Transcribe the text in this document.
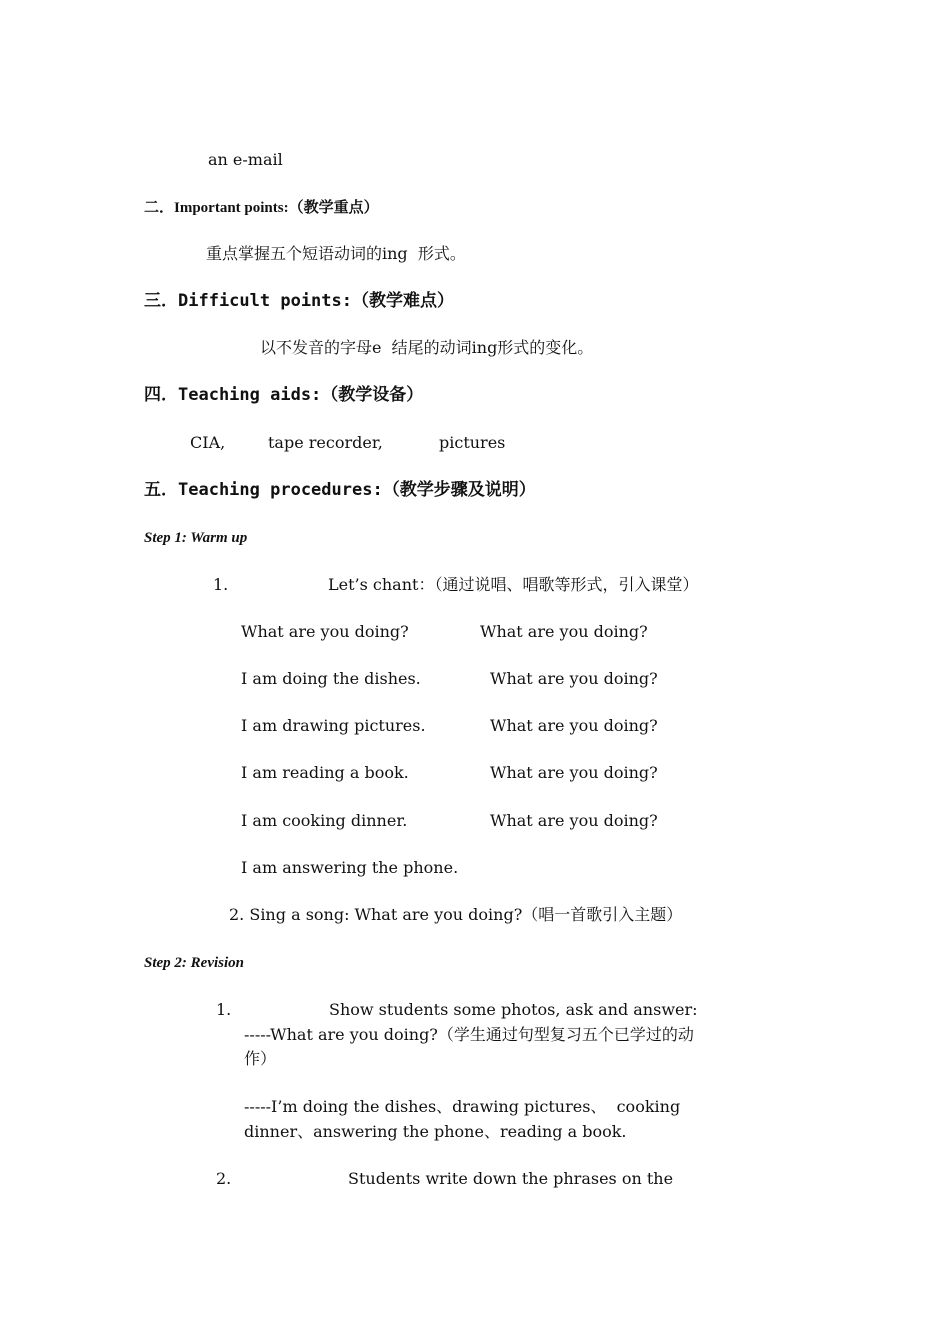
an e-mail
二．Important points:（教学重点）
重点掌握五个短语动词的ing  形式。
三．Difficult points:（教学难点）
以不发音的字母e  结尾的动词ing形式的变化。
四．Teaching aids:（教学设备）
CIA,	tape recorder,	pictures
五．Teaching procedures:（教学步骤及说明）
Step 1: Warm up
1.	Let’s chant：（通过说唱、唱歌等形式，引入课堂）
What are you doing?	What are you doing?
I am doing the dishes.	What are you doing?
I am drawing pictures.	What are you doing?
I am reading a book.	What are you doing?
I am cooking dinner.	What are you doing?
I am answering the phone.
2. Sing a song: What are you doing?（唱一首歌引入主题）
Step 2: Revision
1.	Show students some photos, ask and answer:
-----What are you doing?（学生通过句型复习五个已学过的动
作）
-----I’m doing the dishes、drawing pictures、  cooking
dinner、answering the phone、reading a book.
2.	Students write down the phrases on the
